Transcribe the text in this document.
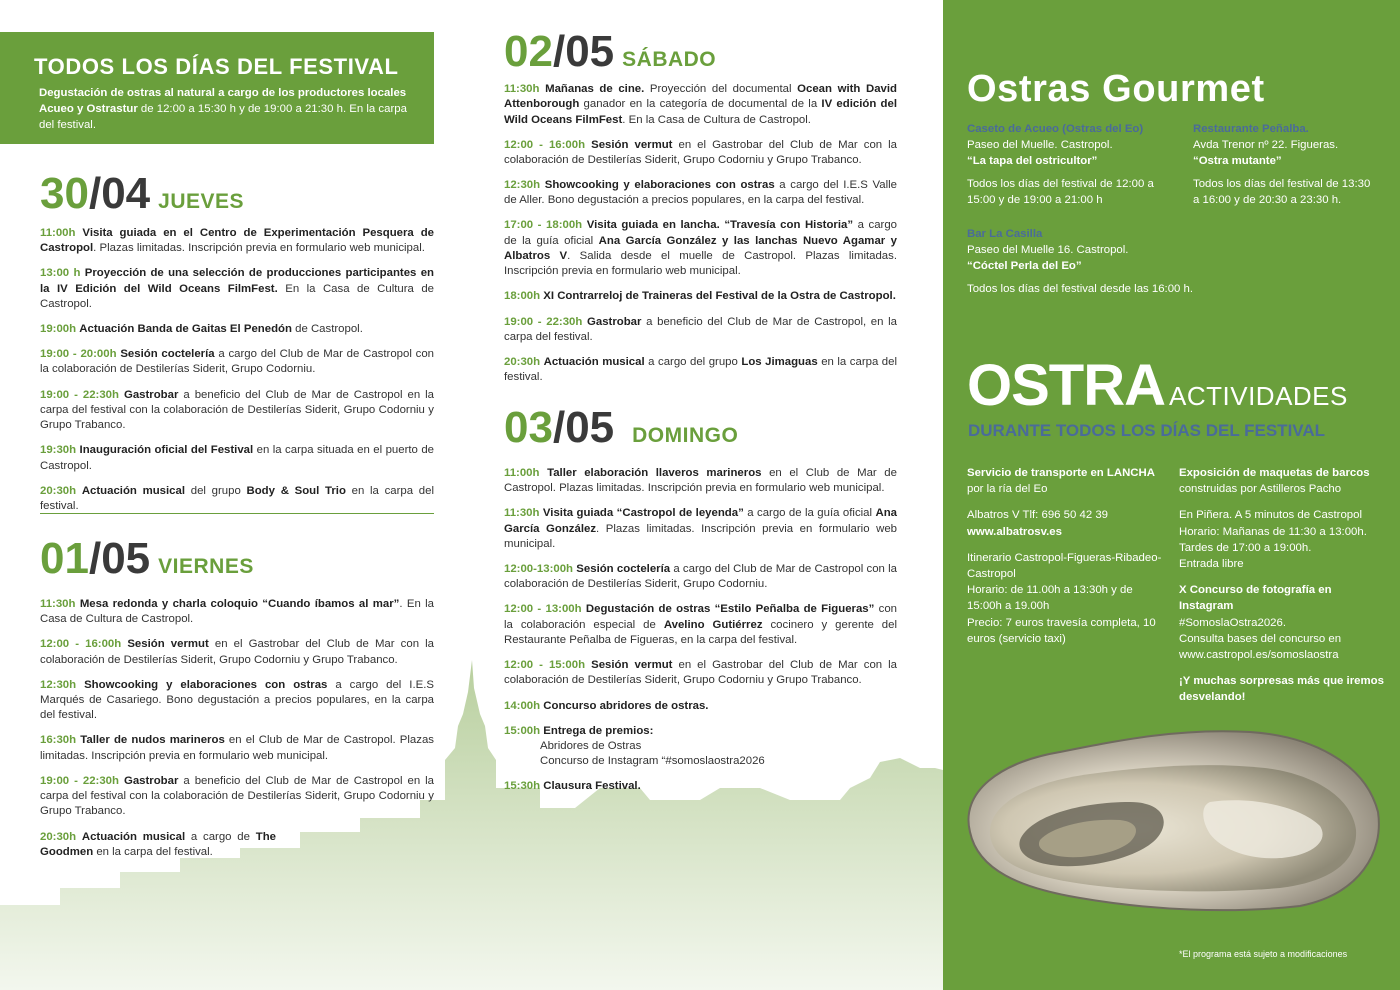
TODOS LOS DÍAS DEL FESTIVAL
Degustación de ostras al natural a cargo de los productores locales Acueo y Ostrastur de 12:00 a 15:30 h y de 19:00 a 21:30 h. En la carpa del festival.
30/04 JUEVES
11:00h Visita guiada en el Centro de Experimentación Pesquera de Castropol. Plazas limitadas. Inscripción previa en formulario web municipal.
13:00 h Proyección de una selección de producciones participantes en la IV Edición del Wild Oceans FilmFest. En la Casa de Cultura de Castropol.
19:00h Actuación Banda de Gaitas El Penedón de Castropol.
19:00 - 20:00h Sesión coctelería a cargo del Club de Mar de Castropol con la colaboración de Destilerías Siderit, Grupo Codorniu.
19:00 - 22:30h Gastrobar a beneficio del Club de Mar de Castropol en la carpa del festival con la colaboración de Destilerías Siderit, Grupo Codorniu y Grupo Trabanco.
19:30h Inauguración oficial del Festival en la carpa situada en el puerto de Castropol.
20:30h Actuación musical del grupo Body & Soul Trio en la carpa del festival.
01/05 VIERNES
11:30h Mesa redonda y charla coloquio “Cuando íbamos al mar”. En la Casa de Cultura de Castropol.
12:00 - 16:00h Sesión vermut en el Gastrobar del Club de Mar con la colaboración de Destilerías Siderit, Grupo Codorniu y Grupo Trabanco.
12:30h Showcooking y elaboraciones con ostras a cargo del I.E.S Marqués de Casariego. Bono degustación a precios populares, en la carpa del festival.
16:30h Taller de nudos marineros en el Club de Mar de Castropol. Plazas limitadas. Inscripción previa en formulario web municipal.
19:00 - 22:30h Gastrobar a beneficio del Club de Mar de Castropol en la carpa del festival con la colaboración de Destilerías Siderit, Grupo Codorniu y Grupo Trabanco.
20:30h Actuación musical a cargo de The Goodmen en la carpa del festival.
02/05 SÁBADO
11:30h Mañanas de cine. Proyección del documental Ocean with David Attenborough ganador en la categoría de documental de la IV edición del Wild Oceans FilmFest. En la Casa de Cultura de Castropol.
12:00 - 16:00h Sesión vermut en el Gastrobar del Club de Mar con la colaboración de Destilerías Siderit, Grupo Codorniu y Grupo Trabanco.
12:30h Showcooking y elaboraciones con ostras a cargo del I.E.S Valle de Aller. Bono degustación a precios populares, en la carpa del festival.
17:00 - 18:00h Visita guiada en lancha. “Travesía con Historia” a cargo de la guía oficial Ana García González y las lanchas Nuevo Agamar y Albatros V. Salida desde el muelle de Castropol. Plazas limitadas. Inscripción previa en formulario web municipal.
18:00h XI Contrarreloj de Traineras del Festival de la Ostra de Castropol.
19:00 - 22:30h Gastrobar a beneficio del Club de Mar de Castropol, en la carpa del festival.
20:30h Actuación musical a cargo del grupo Los Jimaguas en la carpa del festival.
03/05 DOMINGO
11:00h Taller elaboración llaveros marineros en el Club de Mar de Castropol. Plazas limitadas. Inscripción previa en formulario web municipal.
11:30h Visita guiada “Castropol de leyenda” a cargo de la guía oficial Ana García González. Plazas limitadas. Inscripción previa en formulario web municipal.
12:00-13:00h Sesión coctelería a cargo del Club de Mar de Castropol con la colaboración de Destilerías Siderit, Grupo Codorniu.
12:00 - 13:00h Degustación de ostras “Estilo Peñalba de Figueras” con la colaboración especial de Avelino Gutiérrez cocinero y gerente del Restaurante Peñalba de Figueras, en la carpa del festival.
12:00 - 15:00h Sesión vermut en el Gastrobar del Club de Mar con la colaboración de Destilerías Siderit, Grupo Codorniu y Grupo Trabanco.
14:00h Concurso abridores de ostras.
15:00h Entrega de premios:
Abridores de Ostras
Concurso de Instagram “#somoslaostra2026
15:30h Clausura Festival.
Ostras Gourmet
Caseto de Acueo (Ostras del Eo)
Paseo del Muelle. Castropol.
“La tapa del ostricultor”
Todos los días del festival de 12:00 a 15:00 y de 19:00 a 21:00 h
Restaurante Peñalba.
Avda Trenor nº 22. Figueras.
“Ostra mutante”
Todos los días del festival de 13:30 a 16:00 y de 20:30 a 23:30 h.
Bar La Casilla
Paseo del Muelle 16. Castropol.
“Cóctel Perla del Eo”
Todos los días del festival desde las 16:00 h.
OSTRA ACTIVIDADES
DURANTE TODOS LOS DÍAS DEL FESTIVAL
Servicio de transporte en LANCHA
por la ría del Eo
Albatros V Tlf: 696 50 42 39
www.albatrosv.es
Itinerario Castropol-Figueras-Ribadeo-Castropol
Horario: de 11.00h a 13:30h y de 15:00h a 19.00h
Precio: 7 euros travesía completa, 10 euros (servicio taxi)
Exposición de maquetas de barcos
construidas por Astilleros Pacho
En Piñera. A 5 minutos de Castropol
Horario: Mañanas de 11:30 a 13:00h. Tardes de 17:00 a 19:00h.
Entrada libre
X Concurso de fotografía en Instagram
#SomoslaOstra2026.
Consulta bases del concurso en www.castropol.es/somoslaostra
¡Y muchas sorpresas más que iremos desvelando!
*El programa está sujeto a modificaciones
